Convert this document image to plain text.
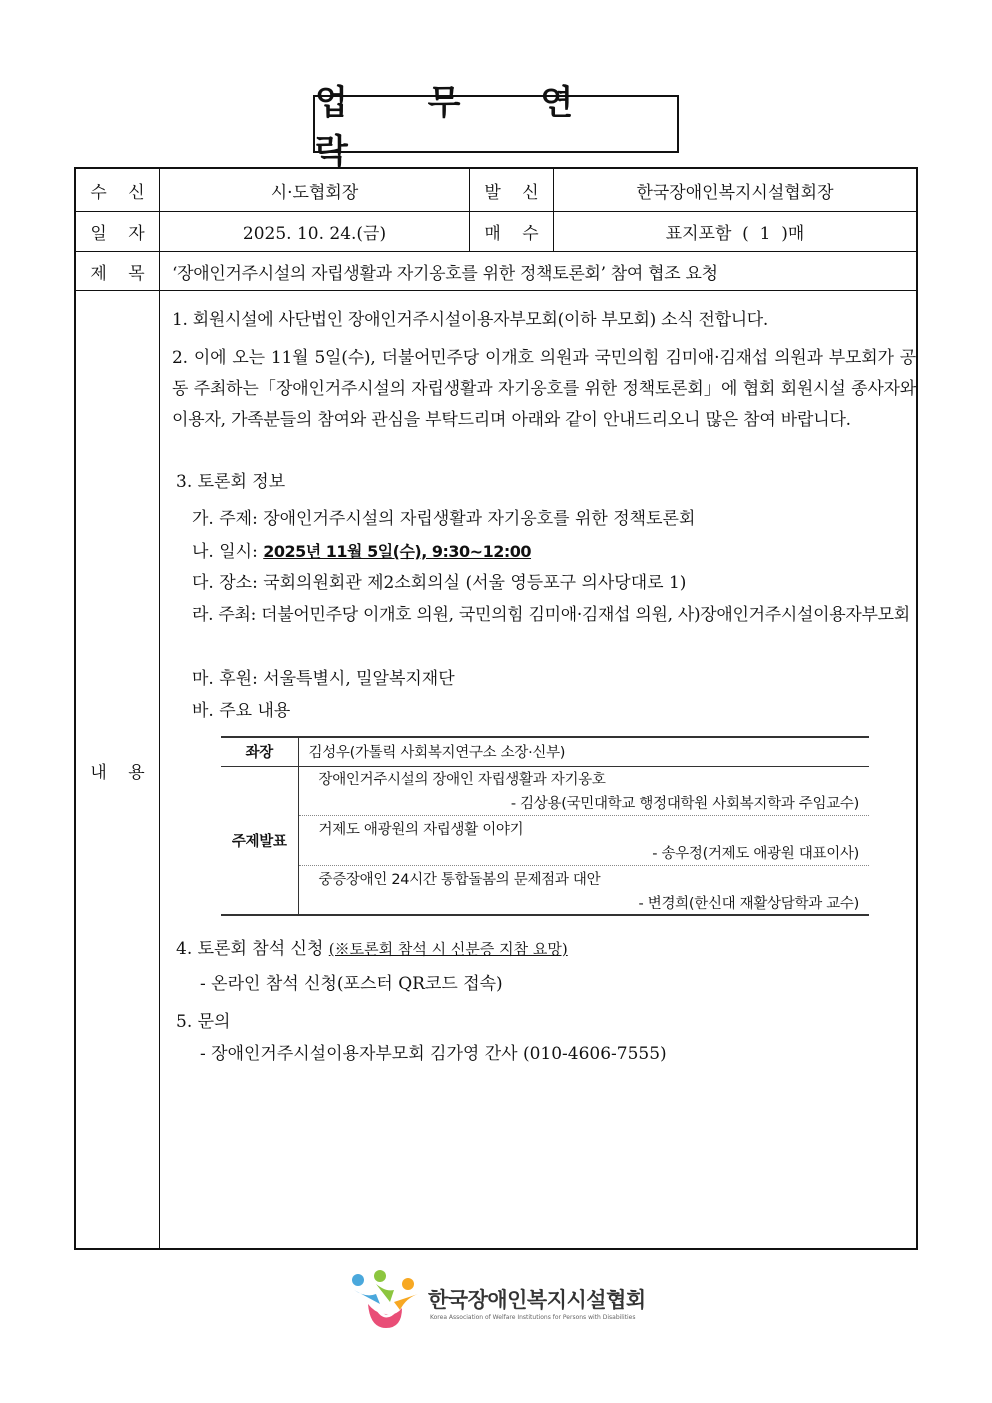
업 무 연 락
수 신	시·도협회장	발 신	한국장애인복지시설협회장
일 자	2025. 10. 24.(금)	매 수	표지포함  (  1  )매
제 목	‘장애인거주시설의 자립생활과 자기옹호를 위한 정책토론회’ 참여 협조 요청
내 용
1. 회원시설에 사단법인 장애인거주시설이용자부모회(이하 부모회) 소식 전합니다.
2. 이에 오는 11월 5일(수), 더불어민주당 이개호 의원과 국민의힘 김미애·김재섭 의원과 부모회가 공동 주최하는「장애인거주시설의 자립생활과 자기옹호를 위한 정책토론회」에 협회 회원시설 종사자와 이용자, 가족분들의 참여와 관심을 부탁드리며 아래와 같이 안내드리오니 많은 참여 바랍니다.
3. 토론회 정보
가. 주제: 장애인거주시설의 자립생활과 자기옹호를 위한 정책토론회
나. 일시: 2025년 11월 5일(수), 9:30~12:00
다. 장소: 국회의원회관 제2소회의실 (서울 영등포구 의사당대로 1)
라. 주최: 더불어민주당 이개호 의원, 국민의힘 김미애·김재섭 의원, 사)장애인거주시설이용자부모회
마. 후원: 서울특별시, 밀알복지재단
바. 주요 내용
4. 토론회 참석 신청 (※토론회 참석 시 신분증 지참 요망)
- 온라인 참석 신청(포스터 QR코드 접속)
5. 문의
- 장애인거주시설이용자부모회 김가영 간사 (010-4606-7555)
좌장	김성우(가톨릭 사회복지연구소 소장·신부)
주제발표	장애인거주시설의 장애인 자립생활과 자기옹호
	- 김상용(국민대학교 행정대학원 사회복지학과 주임교수)
	거제도 애광원의 자립생활 이야기
	- 송우정(거제도 애광원 대표이사)
	중증장애인 24시간 통합돌봄의 문제점과 대안
	- 변경희(한신대 재활상담학과 교수)
한국장애인복지시설협회
Korea Association of Welfare Institutions for Persons with Disabilities
